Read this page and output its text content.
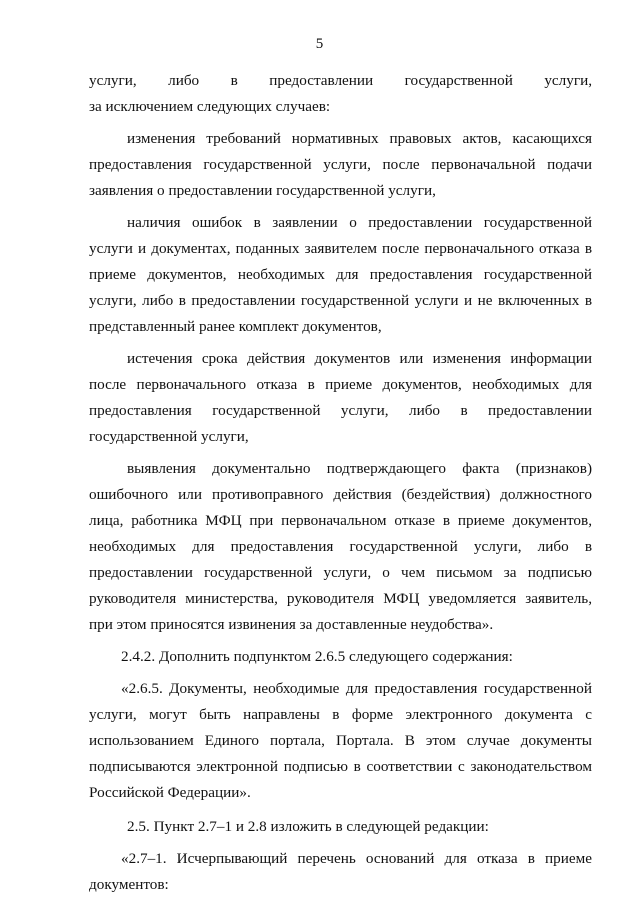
5

услуги, либо в предоставлении государственной услуги,
за исключением следующих случаев:

изменения требований нормативных правовых актов, касающихся предоставления государственной услуги, после первоначальной подачи заявления о предоставлении государственной услуги,

наличия ошибок в заявлении о предоставлении государственной услуги и документах, поданных заявителем после первоначального отказа в приеме документов, необходимых для предоставления государственной услуги, либо в предоставлении государственной услуги и не включенных в представленный ранее комплект документов,

истечения срока действия документов или изменения информации после первоначального отказа в приеме документов, необходимых для предоставления государственной услуги, либо в предоставлении государственной услуги,

выявления документально подтверждающего факта (признаков) ошибочного или противоправного действия (бездействия) должностного лица, работника МФЦ при первоначальном отказе в приеме документов, необходимых для предоставления государственной услуги, либо в предоставлении государственной услуги, о чем письмом за подписью руководителя министерства, руководителя МФЦ уведомляется заявитель, при этом приносятся извинения за доставленные неудобства».

2.4.2. Дополнить подпунктом 2.6.5 следующего содержания:

«2.6.5. Документы, необходимые для предоставления государственной услуги, могут быть направлены в форме электронного документа с использованием Единого портала, Портала. В этом случае документы подписываются электронной подписью в соответствии с законодательством Российской Федерации».

2.5. Пункт 2.7–1 и 2.8 изложить в следующей редакции:

«2.7–1. Исчерпывающий перечень оснований для отказа в приеме документов:
